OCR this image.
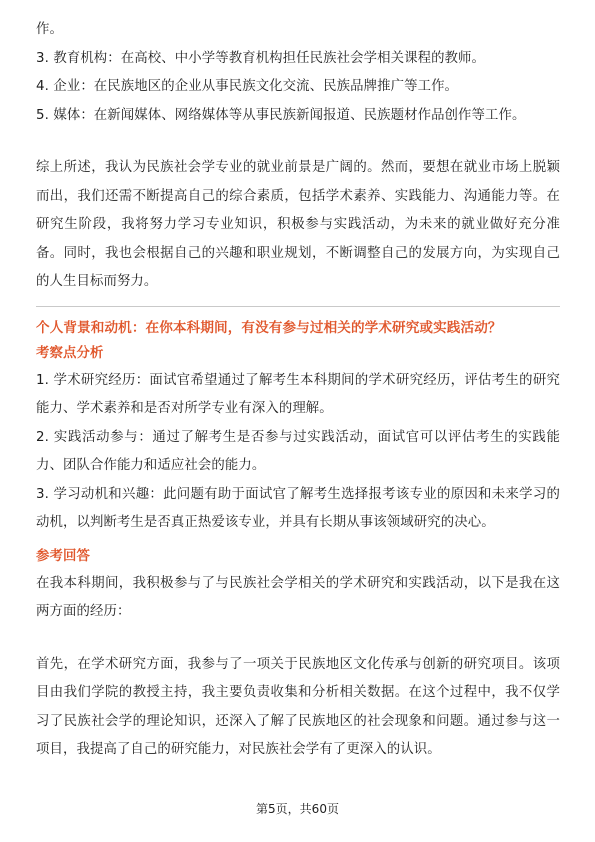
作。

3. 教育机构：在高校、中小学等教育机构担任民族社会学相关课程的教师。

4. 企业：在民族地区的企业从事民族文化交流、民族品牌推广等工作。

5. 媒体：在新闻媒体、网络媒体等从事民族新闻报道、民族题材作品创作等工作。

综上所述，我认为民族社会学专业的就业前景是广阔的。然而，要想在就业市场上脱颖而出，我们还需不断提高自己的综合素质，包括学术素养、实践能力、沟通能力等。在研究生阶段，我将努力学习专业知识，积极参与实践活动，为未来的就业做好充分准备。同时，我也会根据自己的兴趣和职业规划，不断调整自己的发展方向，为实现自己的人生目标而努力。

个人背景和动机：在你本科期间，有没有参与过相关的学术研究或实践活动？

考察点分析

1. 学术研究经历：面试官希望通过了解考生本科期间的学术研究经历，评估考生的研究能力、学术素养和是否对所学专业有深入的理解。

2. 实践活动参与：通过了解考生是否参与过实践活动，面试官可以评估考生的实践能力、团队合作能力和适应社会的能力。

3. 学习动机和兴趣：此问题有助于面试官了解考生选择报考该专业的原因和未来学习的动机，以判断考生是否真正热爱该专业，并具有长期从事该领域研究的决心。

参考回答

在我本科期间，我积极参与了与民族社会学相关的学术研究和实践活动，以下是我在这两方面的经历：

首先，在学术研究方面，我参与了一项关于民族地区文化传承与创新的研究项目。该项目由我们学院的教授主持，我主要负责收集和分析相关数据。在这个过程中，我不仅学习了民族社会学的理论知识，还深入了解了民族地区的社会现象和问题。通过参与这一项目，我提高了自己的研究能力，对民族社会学有了更深入的认识。

第5页，共60页
